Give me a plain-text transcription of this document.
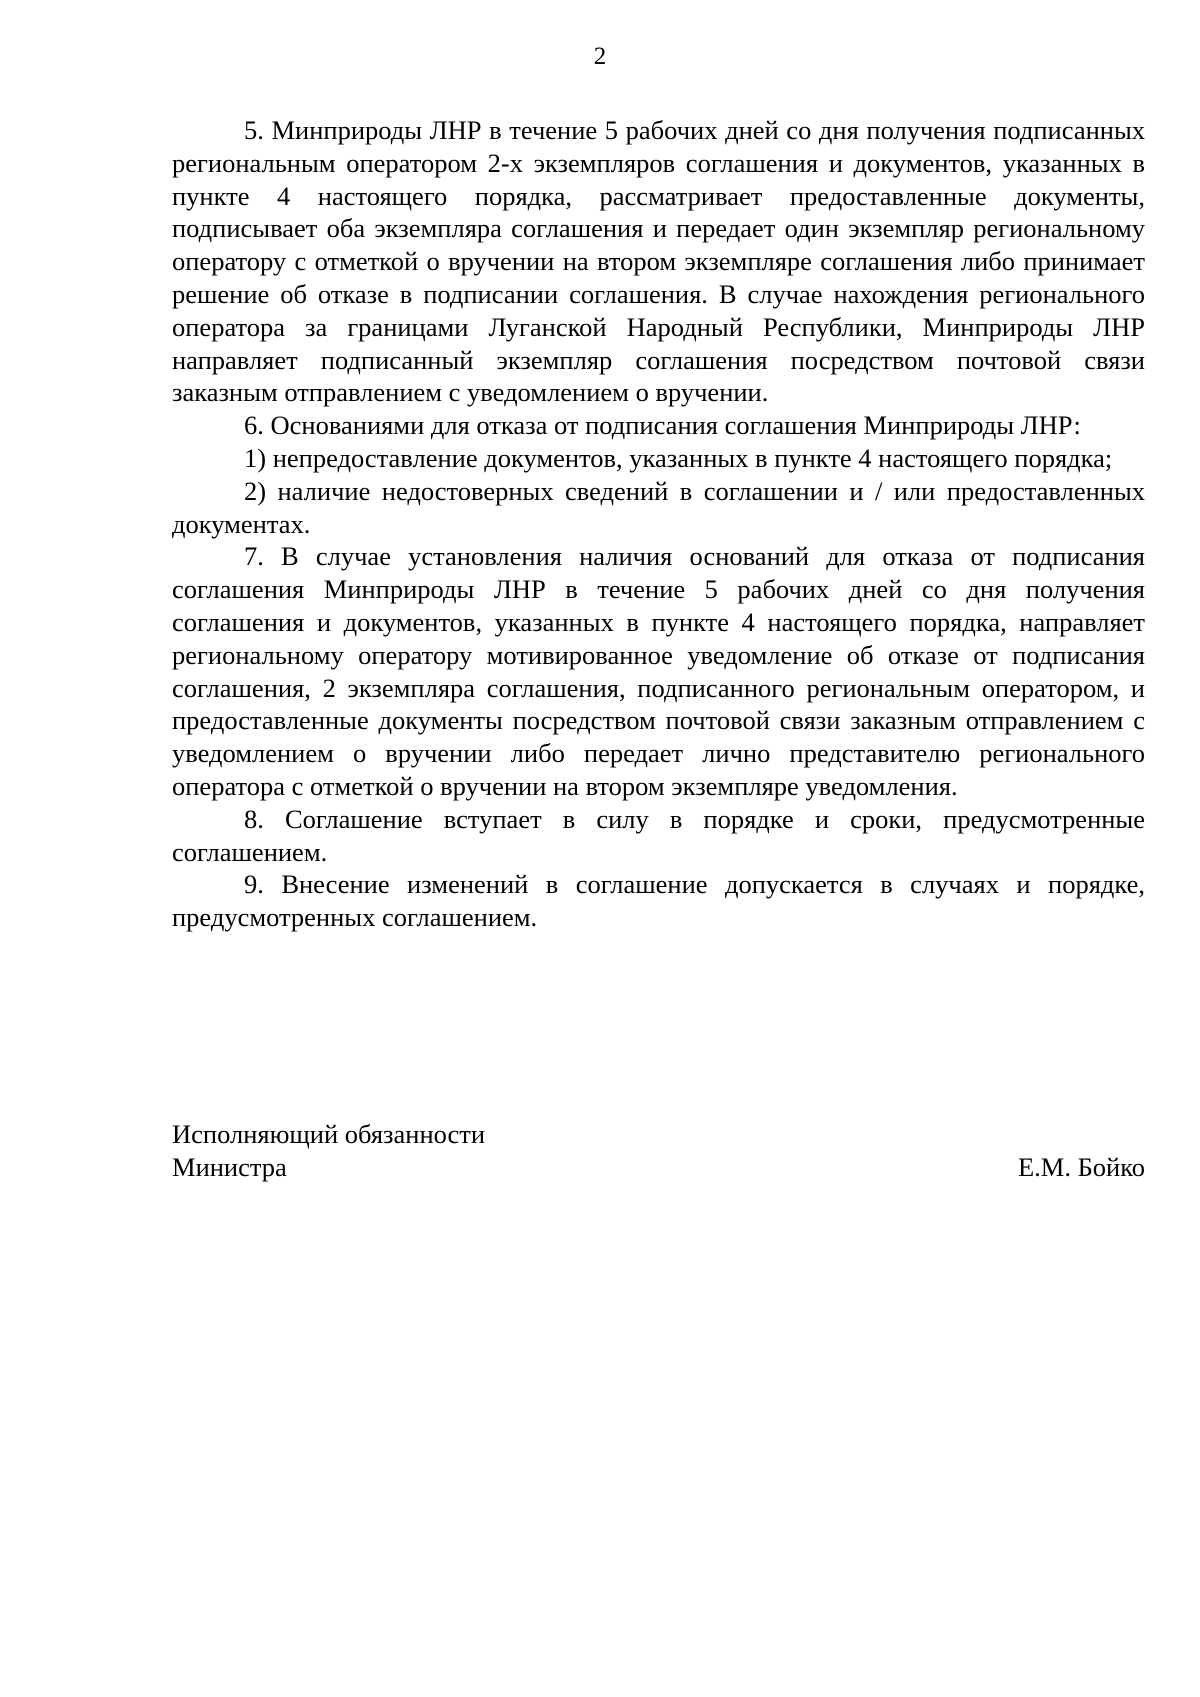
2

5. Минприроды ЛНР в течение 5 рабочих дней со дня получения подписанных региональным оператором 2-х экземпляров соглашения и документов, указанных в пункте 4 настоящего порядка, рассматривает предоставленные документы, подписывает оба экземпляра соглашения и передает один экземпляр региональному оператору с отметкой о вручении на втором экземпляре соглашения либо принимает решение об отказе в подписании соглашения. В случае нахождения регионального оператора за границами Луганской Народный Республики, Минприроды ЛНР направляет подписанный экземпляр соглашения посредством почтовой связи заказным отправлением с уведомлением о вручении.

6. Основаниями для отказа от подписания соглашения Минприроды ЛНР:

1) непредоставление документов, указанных в пункте 4 настоящего порядка;

2) наличие недостоверных сведений в соглашении и / или предоставленных документах.

7. В случае установления наличия оснований для отказа от подписания соглашения Минприроды ЛНР в течение 5 рабочих дней со дня получения соглашения и документов, указанных в пункте 4 настоящего порядка, направляет региональному оператору мотивированное уведомление об отказе от подписания соглашения, 2 экземпляра соглашения, подписанного региональным оператором, и предоставленные документы посредством почтовой связи заказным отправлением с уведомлением о вручении либо передает лично представителю регионального оператора с отметкой о вручении на втором экземпляре уведомления.

8. Соглашение вступает в силу в порядке и сроки, предусмотренные соглашением.

9. Внесение изменений в соглашение допускается в случаях и порядке, предусмотренных соглашением.

Исполняющий обязанности
Министра	Е.М. Бойко
